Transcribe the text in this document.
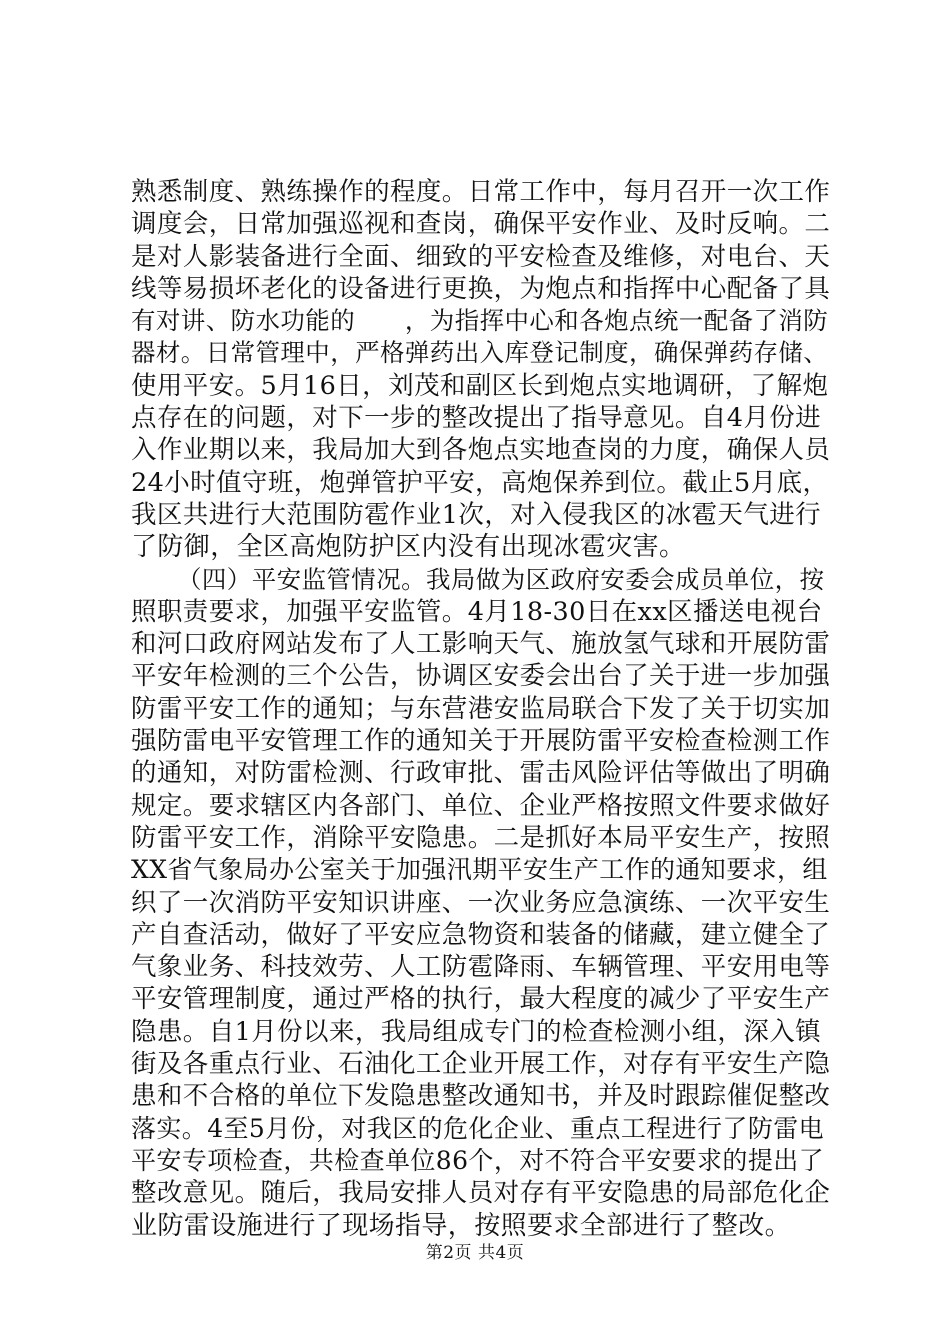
熟悉制度、熟练操作的程度。日常工作中，每月召开一次工作
调度会，日常加强巡视和查岗，确保平安作业、及时反响。二
是对人影装备进行全面、细致的平安检查及维修，对电台、天
线等易损坏老化的设备进行更换，为炮点和指挥中心配备了具
有对讲、防水功能的　　，为指挥中心和各炮点统一配备了消防
器材。日常管理中，严格弹药出入库登记制度，确保弹药存储、
使用平安。5月16日，刘茂和副区长到炮点实地调研，了解炮
点存在的问题，对下一步的整改提出了指导意见。自4月份进
入作业期以来，我局加大到各炮点实地查岗的力度，确保人员
24小时值守班，炮弹管护平安，高炮保养到位。截止5月底，
我区共进行大范围防雹作业1次，对入侵我区的冰雹天气进行
了防御，全区高炮防护区内没有出现冰雹灾害。
（四）平安监管情况。我局做为区政府安委会成员单位，按
照职责要求，加强平安监管。4月18-30日在xx区播送电视台
和河口政府网站发布了人工影响天气、施放氢气球和开展防雷
平安年检测的三个公告，协调区安委会出台了关于进一步加强
防雷平安工作的通知；与东营港安监局联合下发了关于切实加
强防雷电平安管理工作的通知关于开展防雷平安检查检测工作
的通知，对防雷检测、行政审批、雷击风险评估等做出了明确
规定。要求辖区内各部门、单位、企业严格按照文件要求做好
防雷平安工作，消除平安隐患。二是抓好本局平安生产，按照
XX省气象局办公室关于加强汛期平安生产工作的通知要求，组
织了一次消防平安知识讲座、一次业务应急演练、一次平安生
产自查活动，做好了平安应急物资和装备的储藏，建立健全了
气象业务、科技效劳、人工防雹降雨、车辆管理、平安用电等
平安管理制度，通过严格的执行，最大程度的减少了平安生产
隐患。自1月份以来，我局组成专门的检查检测小组，深入镇
街及各重点行业、石油化工企业开展工作，对存有平安生产隐
患和不合格的单位下发隐患整改通知书，并及时跟踪催促整改
落实。4至5月份，对我区的危化企业、重点工程进行了防雷电
平安专项检查，共检查单位86个，对不符合平安要求的提出了
整改意见。随后，我局安排人员对存有平安隐患的局部危化企
业防雷设施进行了现场指导，按照要求全部进行了整改。
第2页 共4页
